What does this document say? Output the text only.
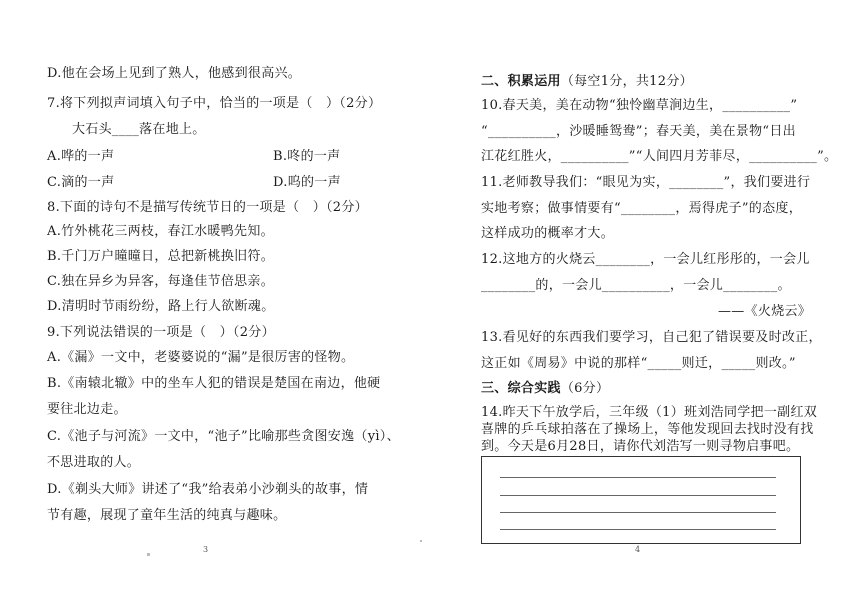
D.他在会场上见到了熟人，他感到很高兴。
7.将下列拟声词填入句子中，恰当的一项是（　）（2分）
大石头____落在地上。
A.哗的一声	B.咚的一声
C.滴的一声	D.呜的一声
8.下面的诗句不是描写传统节日的一项是（　）（2分）
A.竹外桃花三两枝，春江水暖鸭先知。
B.千门万户曈曈日，总把新桃换旧符。
C.独在异乡为异客，每逢佳节倍思亲。
D.清明时节雨纷纷，路上行人欲断魂。
9.下列说法错误的一项是（　）（2分）
A.《漏》一文中，老婆婆说的“漏”是很厉害的怪物。
B.《南辕北辙》中的坐车人犯的错误是楚国在南边，他硬
要往北边走。
C.《池子与河流》一文中，“池子”比喻那些贪图安逸（yì）、
不思进取的人。
D.《剃头大师》讲述了“我”给表弟小沙剃头的故事，情
节有趣，展现了童年生活的纯真与趣味。
3
二、积累运用（每空1分，共12分）
10.春天美，美在动物“独怜幽草涧边生，__________”
“__________，沙暖睡鸳鸯”；春天美，美在景物“日出
江花红胜火，__________”“人间四月芳菲尽，__________”。
11.老师教导我们：“眼见为实，________”，我们要进行
实地考察；做事情要有“________，焉得虎子”的态度，
这样成功的概率才大。
12.这地方的火烧云________，一会儿红彤彤的，一会儿
________的，一会儿__________，一会儿________。
——《火烧云》
13.看见好的东西我们要学习，自己犯了错误要及时改正，
这正如《周易》中说的那样“_____则迁，_____则改。”
三、综合实践（6分）
14.昨天下午放学后，三年级（1）班刘浩同学把一副红双
喜牌的乒乓球拍落在了操场上，等他发现回去找时没有找
到。今天是6月28日，请你代刘浩写一则寻物启事吧。
4
